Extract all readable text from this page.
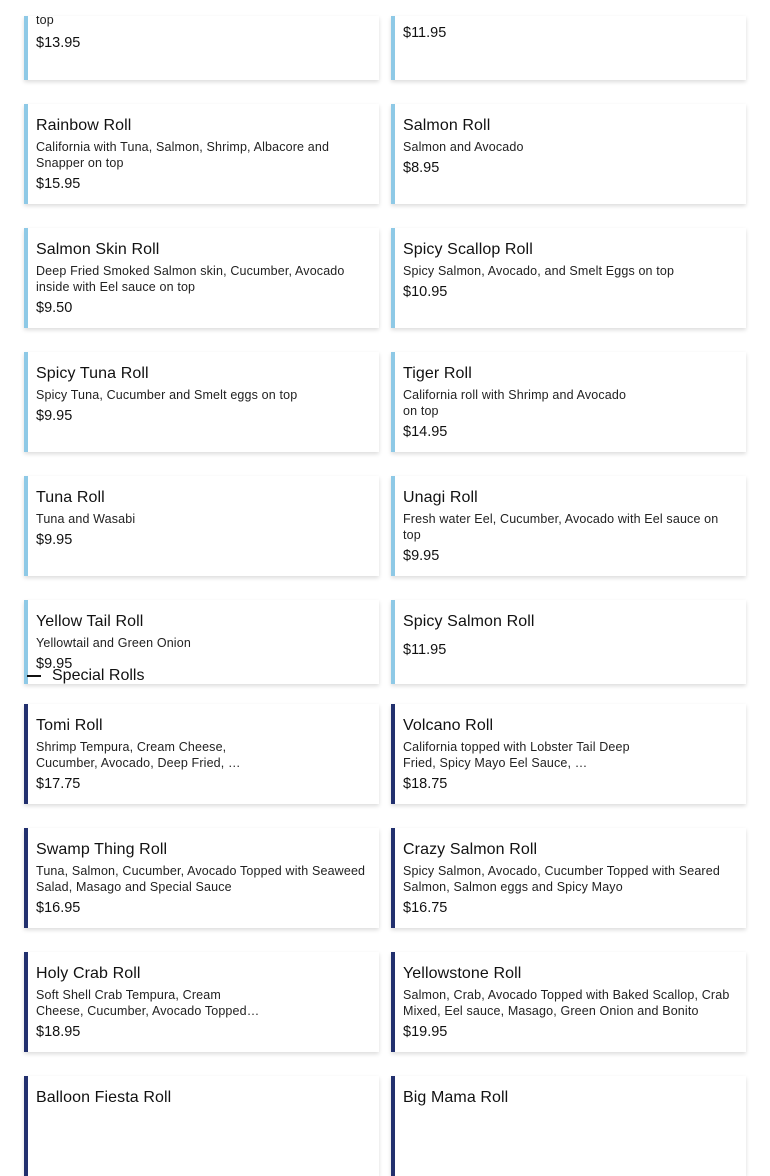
top
$13.95
$11.95
Rainbow Roll
California with Tuna, Salmon, Shrimp, Albacore and Snapper on top
$15.95
Salmon Roll
Salmon and Avocado
$8.95
Salmon Skin Roll
Deep Fried Smoked Salmon skin, Cucumber, Avocado inside with Eel sauce on top
$9.50
Spicy Scallop Roll
Spicy Salmon, Avocado, and Smelt Eggs on top
$10.95
Spicy Tuna Roll
Spicy Tuna, Cucumber and Smelt eggs on top
$9.95
Tiger Roll
California roll with Shrimp and Avocado on top
$14.95
Tuna Roll
Tuna and Wasabi
$9.95
Unagi Roll
Fresh water Eel, Cucumber, Avocado with Eel sauce on top
$9.95
Yellow Tail Roll
Yellowtail and Green Onion
$9.95
Spicy Salmon Roll
$11.95
Special Rolls
Tomi Roll
Shrimp Tempura, Cream Cheese, Cucumber, Avocado, Deep Fried, …
$17.75
Volcano Roll
California topped with Lobster Tail Deep Fried, Spicy Mayo Eel Sauce, …
$18.75
Swamp Thing Roll
Tuna, Salmon, Cucumber, Avocado Topped with Seaweed Salad, Masago and Special Sauce
$16.95
Crazy Salmon Roll
Spicy Salmon, Avocado, Cucumber Topped with Seared Salmon, Salmon eggs and Spicy Mayo
$16.75
Holy Crab Roll
Soft Shell Crab Tempura, Cream Cheese, Cucumber, Avocado Topped…
$18.95
Yellowstone Roll
Salmon, Crab, Avocado Topped with Baked Scallop, Crab Mixed, Eel sauce, Masago, Green Onion and Bonito
$19.95
Balloon Fiesta Roll	Big Mama Roll
